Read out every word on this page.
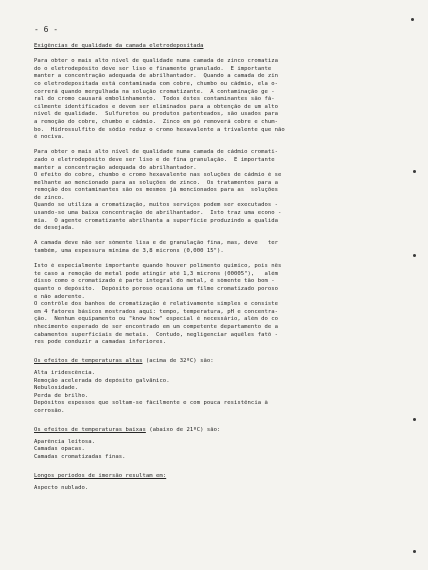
- 6 -
Exigências de qualidade da camada eletrodepositada
Para obter o mais alto nível de qualidade numa camada de zinco cromatiza
do o eletrodepósito deve ser liso e finamente granulado.  É importante
manter a concentração adequada de abrilhantador.  Quando a camada de zin
co eletrodepositada está contaminada com cobre, chumbo ou cádmio, ela o-
correrá quando mergulhada na solução cromatizante.  A contaminação ge -
ral do cromo causará embolinhamento.  Todos êstes contaminantes são fá-
cilmente identificados e devem ser eliminados para a obtenção de um alto
nível de qualidade.  Sulfuretos ou produtos patenteados, são usados para
a remoção do cobre, chumbo e cádmio.  Zinco em pó removerá cobre e chum-
bo.  Hidrossulfito de sódio reduz o cromo hexavalente a trivalente que não
é nociva.
Para obter o mais alto nível de qualidade numa camada de cádmio cromati-
zado o eletrodepósito deve ser liso e de fina granulação.  É importante
manter a concentração adequada do abrilhantador.
O efeito do cobre, chumbo e cromo hexavalente nas soluções de cádmio é se
melhante ao mencionado para as soluções de zinco.  Os tratamentos para a
remoção dos contaminantes são os mesmos já mencionados para as  soluções
de zinco.
Quando se utiliza a cromatização, muitos serviços podem ser executados -
usando-se uma baixa concentração de abrilhantador.  Isto traz uma econo -
mia.  O agente cromatizante abrilhanta a superfície produzindo a qualida
de desejada.
A camada deve não ser sòmente lisa e de granulação fina, mas, deve   ter
também, uma espessura mínima de 3,8 microns (0,000 15").
Isto é especialmente importante quando houver polimento químico, pois nês
te caso a remoção de metal pode atingir até 1,3 microns (00005"),   além
disso como o cromatizado é parte integral do metal, é sòmente tão bom -
quanto o depósito.  Depósito poroso ocasiona um filme cromatizado poroso
e não aderente.
O contrôle dos banhos de cromatização é relativamente simples e consiste
em 4 fatores básicos mostrados aqui: tempo, temperatura, pH e concentra-
ção.  Nenhum equipamento ou "know how" especial é necessário, além do co
nhecimento esperado de ser encontrado em um competente departamento de a
cabamentos superficiais de metais.  Contudo, negligenciar aquêles fatô -
res pode conduzir a camadas inferiores.
Os efeitos de temperaturas altas (acima de 32ºC) são:
Alta iridescência.
Remoção acelerada do depósito galvânico.
Nebulosidade.
Perda de brilho.
Depósitos espessos que soltam-se fàcilmente e com pouca resistência à
corrosão.
Os efeitos de temperaturas baixas (abaixo de 21ºC) são:
Aparência leitosa.
Camadas opacas.
Camadas cromatizadas finas.
Longos períodos de imersão resultam em:
Aspecto nublado.
